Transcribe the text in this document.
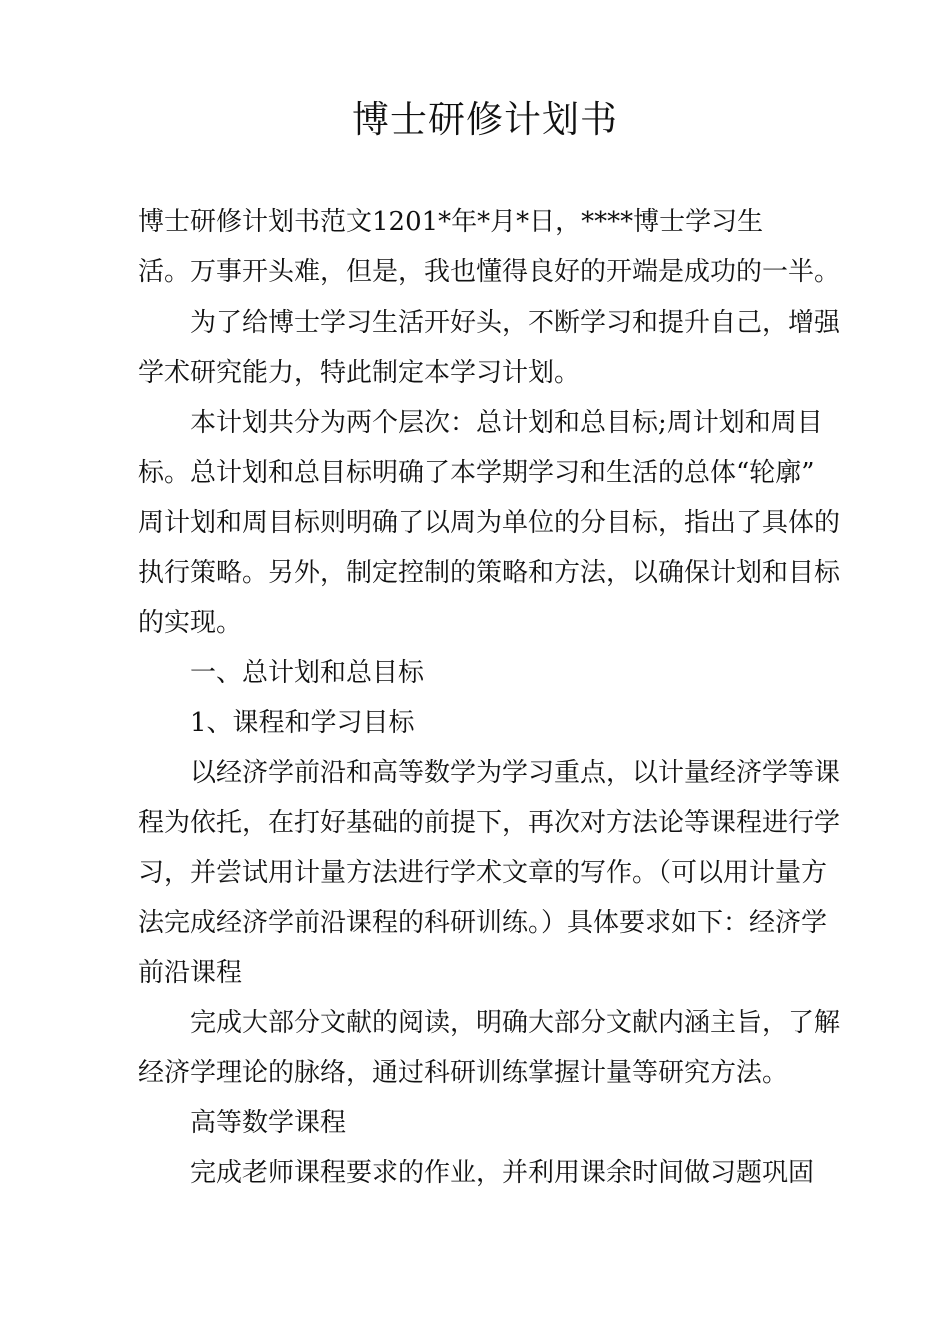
博士研修计划书

博士研修计划书范文1201*年*月*日，****博士学习生

活。万事开头难，但是，我也懂得良好的开端是成功的一半。

为了给博士学习生活开好头，不断学习和提升自己，增强

学术研究能力，特此制定本学习计划。

本计划共分为两个层次：总计划和总目标;周计划和周目

标。总计划和总目标明确了本学期学习和生活的总体“轮廓”

周计划和周目标则明确了以周为单位的分目标，指出了具体的

执行策略。另外，制定控制的策略和方法，以确保计划和目标

的实现。

一、总计划和总目标

1、课程和学习目标

以经济学前沿和高等数学为学习重点，以计量经济学等课

程为依托，在打好基础的前提下，再次对方法论等课程进行学

习，并尝试用计量方法进行学术文章的写作。（可以用计量方

法完成经济学前沿课程的科研训练。）具体要求如下：经济学

前沿课程

完成大部分文献的阅读，明确大部分文献内涵主旨，了解

经济学理论的脉络，通过科研训练掌握计量等研究方法。

高等数学课程

完成老师课程要求的作业，并利用课余时间做习题巩固
